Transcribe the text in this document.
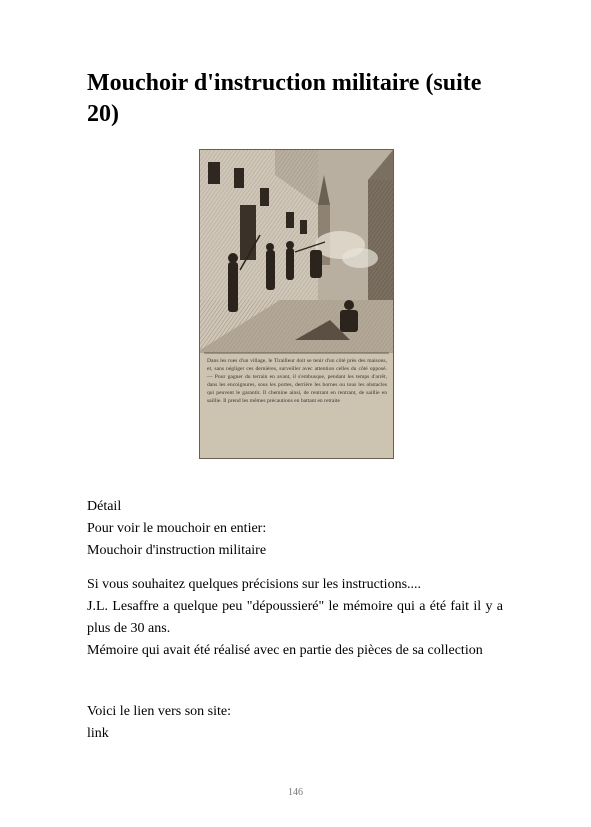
Mouchoir d'instruction militaire (suite 20)
Dans les rues d'un village, le Tirailleur doit se tenir d'un côté près des maisons, et, sans négliger ces dernières, surveiller avec attention celles du côté opposé. — Pour gagner du terrain en avant, il s'embusque, pendant les temps d'arrêt, dans les encoignures, sous les portes, derrière les bornes ou tous les obstacles qui peuvent le garantir. Il chemine ainsi, de rentrant en rentrant, de saillie en saillie. Il prend les mêmes précautions en battant en retraite

Détail

Pour voir le mouchoir en entier:

Mouchoir d'instruction militaire

Si vous souhaitez quelques précisions sur les instructions....

J.L. Lesaffre a quelque peu "dépoussieré" le mémoire qui a été fait il y a plus de 30 ans.

Mémoire qui avait été réalisé avec en partie des pièces de sa collection

Voici le lien vers son site:

link

146
